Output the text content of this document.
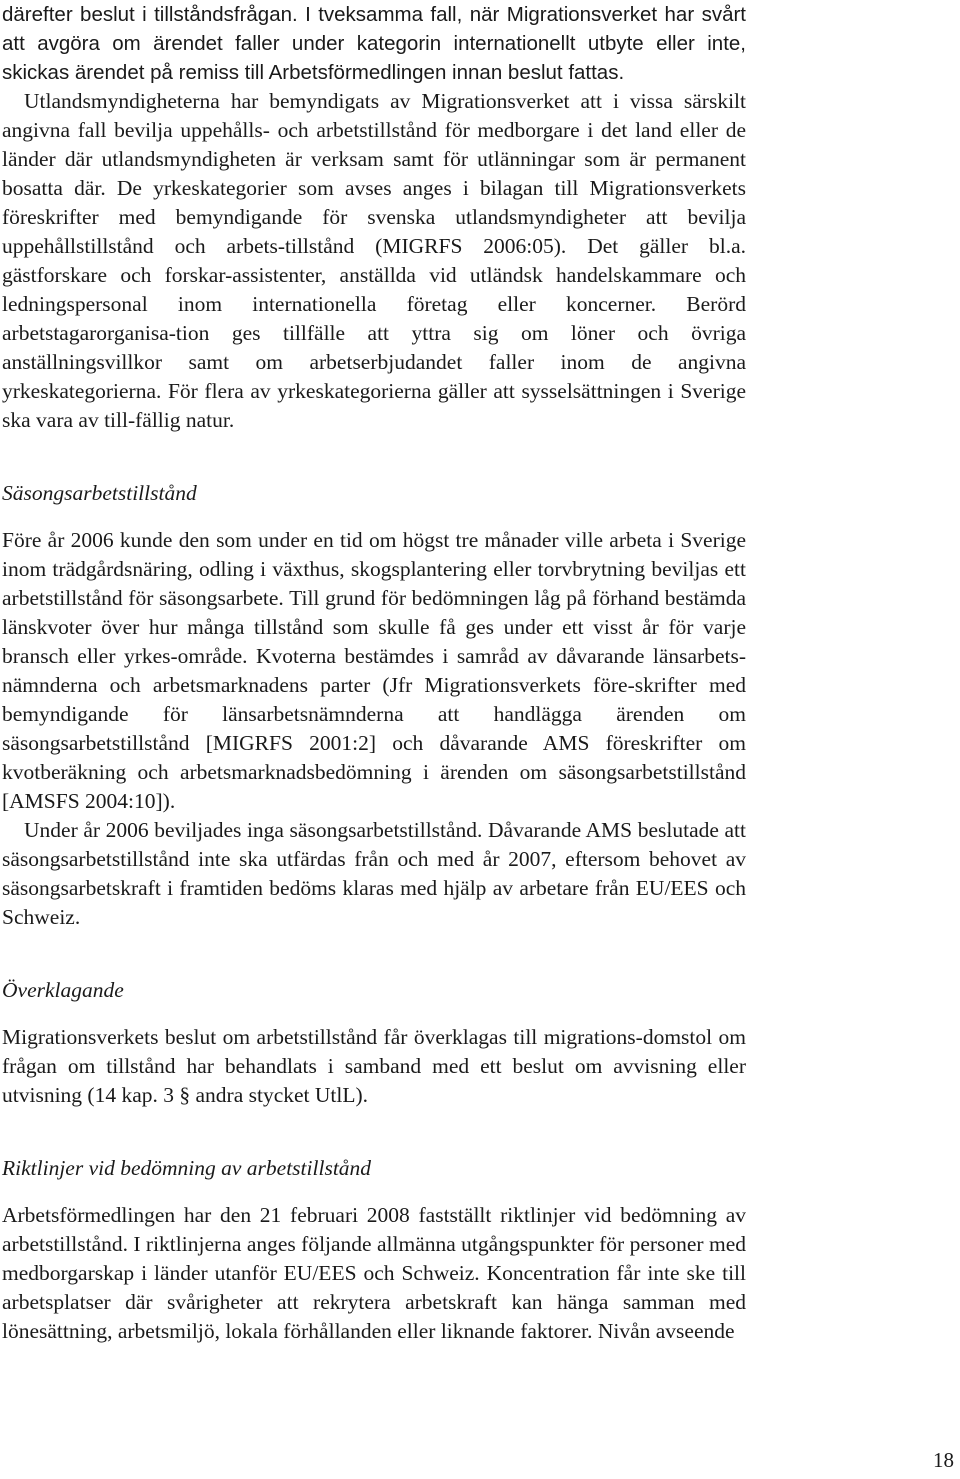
därefter beslut i tillståndsfrågan. I tveksamma fall, när Migrationsverket har svårt att avgöra om ärendet faller under kategorin internationellt utbyte eller inte, skickas ärendet på remiss till Arbetsförmedlingen innan beslut fattas.

Utlandsmyndigheterna har bemyndigats av Migrationsverket att i vissa särskilt angivna fall bevilja uppehålls- och arbetstillstånd för medborgare i det land eller de länder där utlandsmyndigheten är verksam samt för utlänningar som är permanent bosatta där. De yrkeskategorier som avses anges i bilagan till Migrationsverkets föreskrifter med bemyndigande för svenska utlandsmyndigheter att bevilja uppehållstillstånd och arbets-tillstånd (MIGRFS 2006:05). Det gäller bl.a. gästforskare och forskar-assistenter, anställda vid utländsk handelskammare och ledningspersonal inom internationella företag eller koncerner. Berörd arbetstagarorganisa-tion ges tillfälle att yttra sig om löner och övriga anställningsvillkor samt om arbetserbjudandet faller inom de angivna yrkeskategorierna. För flera av yrkeskategorierna gäller att sysselsättningen i Sverige ska vara av till-fällig natur.

Säsongsarbetstillstånd

Före år 2006 kunde den som under en tid om högst tre månader ville arbeta i Sverige inom trädgårdsnäring, odling i växthus, skogsplantering eller torvbrytning beviljas ett arbetstillstånd för säsongsarbete. Till grund för bedömningen låg på förhand bestämda länskvoter över hur många tillstånd som skulle få ges under ett visst år för varje bransch eller yrkes-område. Kvoterna bestämdes i samråd av dåvarande länsarbets-nämnderna och arbetsmarknadens parter (Jfr Migrationsverkets före-skrifter med bemyndigande för länsarbetsnämnderna att handlägga ärenden om säsongsarbetstillstånd [MIGRFS 2001:2] och dåvarande AMS föreskrifter om kvotberäkning och arbetsmarknadsbedömning i ärenden om säsongsarbetstillstånd [AMSFS 2004:10]).

Under år 2006 beviljades inga säsongsarbetstillstånd. Dåvarande AMS beslutade att säsongsarbetstillstånd inte ska utfärdas från och med år 2007, eftersom behovet av säsongsarbetskraft i framtiden bedöms klaras med hjälp av arbetare från EU/EES och Schweiz.

Överklagande

Migrationsverkets beslut om arbetstillstånd får överklagas till migrations-domstol om frågan om tillstånd har behandlats i samband med ett beslut om avvisning eller utvisning (14 kap. 3 § andra stycket UtlL).

Riktlinjer vid bedömning av arbetstillstånd

Arbetsförmedlingen har den 21 februari 2008 fastställt riktlinjer vid bedömning av arbetstillstånd. I riktlinjerna anges följande allmänna utgångspunkter för personer med medborgarskap i länder utanför EU/EES och Schweiz. Koncentration får inte ske till arbetsplatser där svårigheter att rekrytera arbetskraft kan hänga samman med lönesättning, arbetsmiljö, lokala förhållanden eller liknande faktorer. Nivån avseende

18
